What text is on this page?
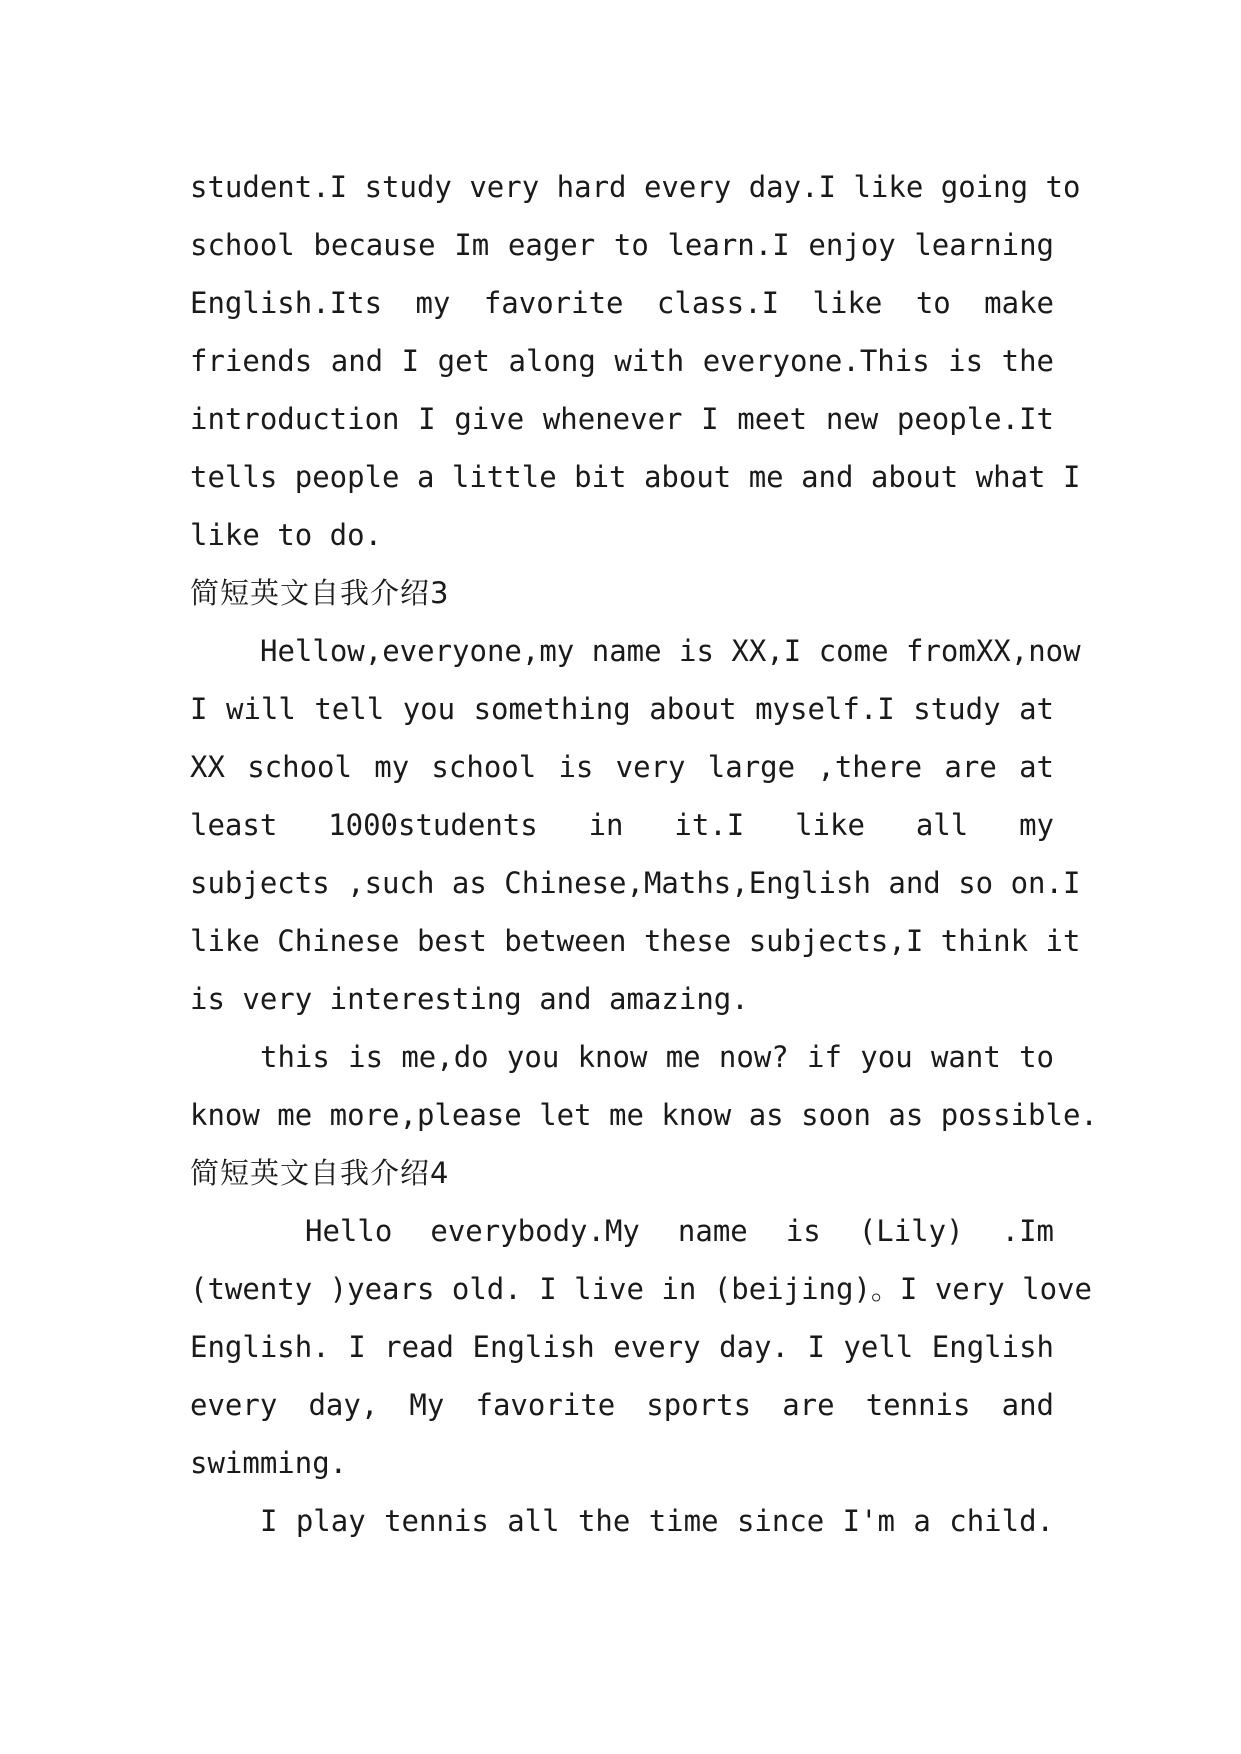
student.I study very hard every day.I like going to
school because Im eager to learn.I enjoy learning
English.Its my favorite class.I like to make
friends and I get along with everyone.This is the
introduction I give whenever I meet new people.It
tells people a little bit about me and about what I
like to do.
简短英文自我介绍3
Hellow,everyone,my name is XX,I come fromXX,now
I will tell you something about myself.I study at
XX school my school is very large ,there are at
least 1000students in it.I like all my
subjects ,such as Chinese,Maths,English and so on.I
like Chinese best between these subjects,I think it
is very interesting and amazing.
this is me,do you know me now? if you want to
know me more,please let me know as soon as possible.
简短英文自我介绍4
Hello everybody.My name is (Lily) .Im
(twenty )years old. I live in (beijing)。I very love
English. I read English every day. I yell English
every day, My favorite sports are tennis and
swimming.
I play tennis all the time since I'm a child.
